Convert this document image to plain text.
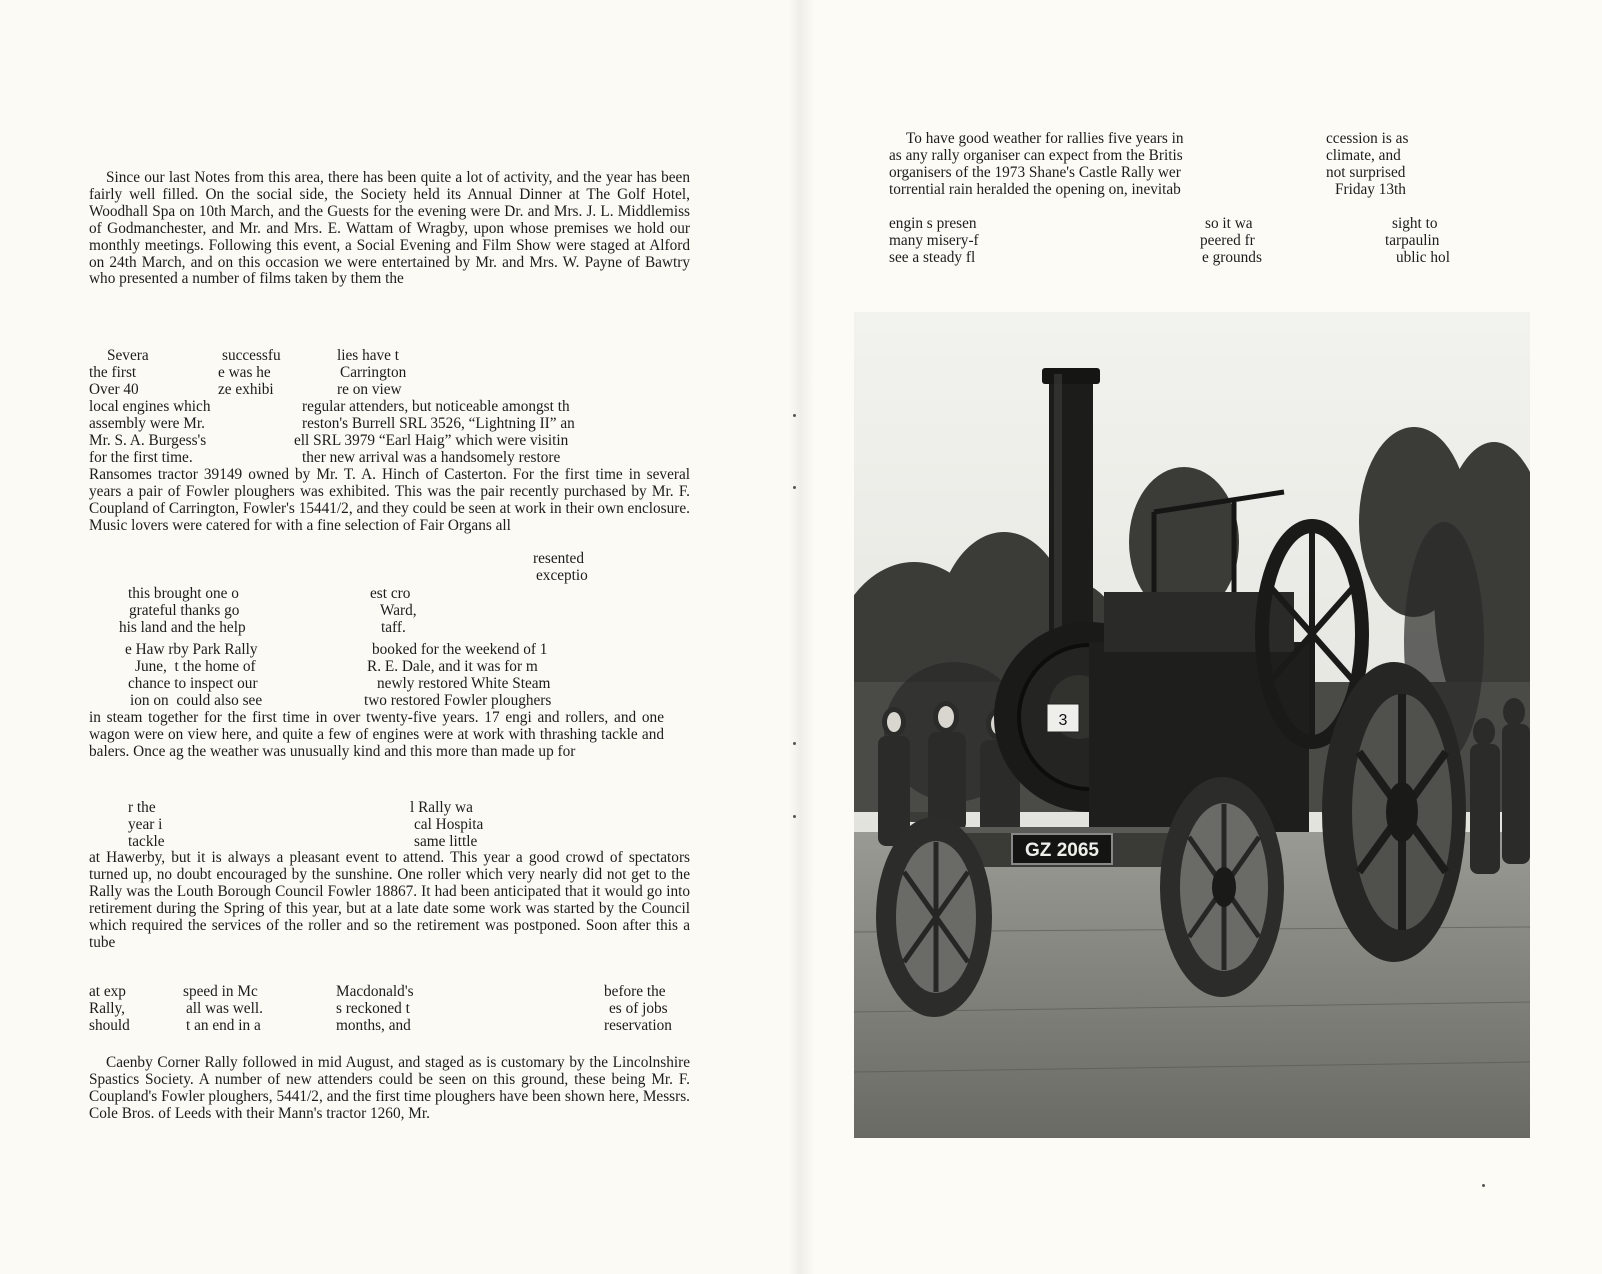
Since our last Notes from this area, there has been quite a lot of activity, and the year has been fairly well filled. On the social side, the Society held its Annual Dinner at The Golf Hotel, Woodhall Spa on 10th March, and the Guests for the evening were Dr. and Mrs. J. L. Middlemiss of Godmanchester, and Mr. and Mrs. E. Wattam of Wragby, upon whose premises we hold our monthly meetings. Following this event, a Social Evening and Film Show were staged at Alford on 24th March, and on this occasion we were entertained by Mr. and Mrs. W. Payne of Bawtry who presented a number of films taken by them the

Severa	successfu	lies have t
the first	e was he	Carrington
Over 40	ze exhibi	re on view
local engines which	regular attenders, but noticeable amongst th
assembly were Mr.	reston's Burrell SRL 3526, “Lightning II” an
Mr. S. A. Burgess's	ell SRL 3979 “Earl Haig” which were visitin
for the first time.	ther new arrival was a handsomely restore

Ransomes tractor 39149 owned by Mr. T. A. Hinch of Casterton. For the first time in several years a pair of Fowler ploughers was exhibited. This was the pair recently purchased by Mr. F. Coupland of Carrington, Fowler's 15441/2, and they could be seen at work in their own enclosure. Music lovers were catered for with a fine selection of Fair Organs all

resented
exceptio
this brought one o	est cro
grateful thanks go	Ward,
his land and the help	taff.
e Haw rby Park Rally	booked for the weekend of 1
June,  t the home of	R. E. Dale, and it was for m
chance to inspect our	newly restored White Steam
ion on  could also see	two restored Fowler ploughers

in steam together for the first time in over twenty-five years. 17 engi and rollers, and one wagon were on view here, and quite a few of engines were at work with thrashing tackle and balers. Once ag the weather was unusually kind and this more than made up for

r the	l Rally wa
year i	cal Hospita
tackle	same little

at Hawerby, but it is always a pleasant event to attend. This year a good crowd of spectators turned up, no doubt encouraged by the sunshine. One roller which very nearly did not get to the Rally was the Louth Borough Council Fowler 18867. It had been anticipated that it would go into retirement during the Spring of this year, but at a late date some work was started by the Council which required the services of the roller and so the retirement was postponed. Soon after this a tube

at exp	speed in Mc	Macdonald's	before the
Rally,	all was well.	s reckoned t	es of jobs
should	t an end in a	months, and	reservation

Caenby Corner Rally followed in mid August, and staged as is customary by the Lincolnshire Spastics Society. A number of new attenders could be seen on this ground, these being Mr. F. Coupland's Fowler ploughers, 5441/2, and the first time ploughers have been shown here, Messrs. Cole Bros. of Leeds with their Mann's tractor 1260, Mr.

To have good weather for rallies five years in	ccession is as
as any rally organiser can expect from the Britis	climate, and
organisers of the 1973 Shane's Castle Rally wer	not surprised
torrential rain heralded the opening on, inevitab	Friday 13th
engin s presen	so it wa	sight to
many misery-f	peered fr	tarpaulin
see a steady fl	e grounds	ublic hol
3
GZ 2065
